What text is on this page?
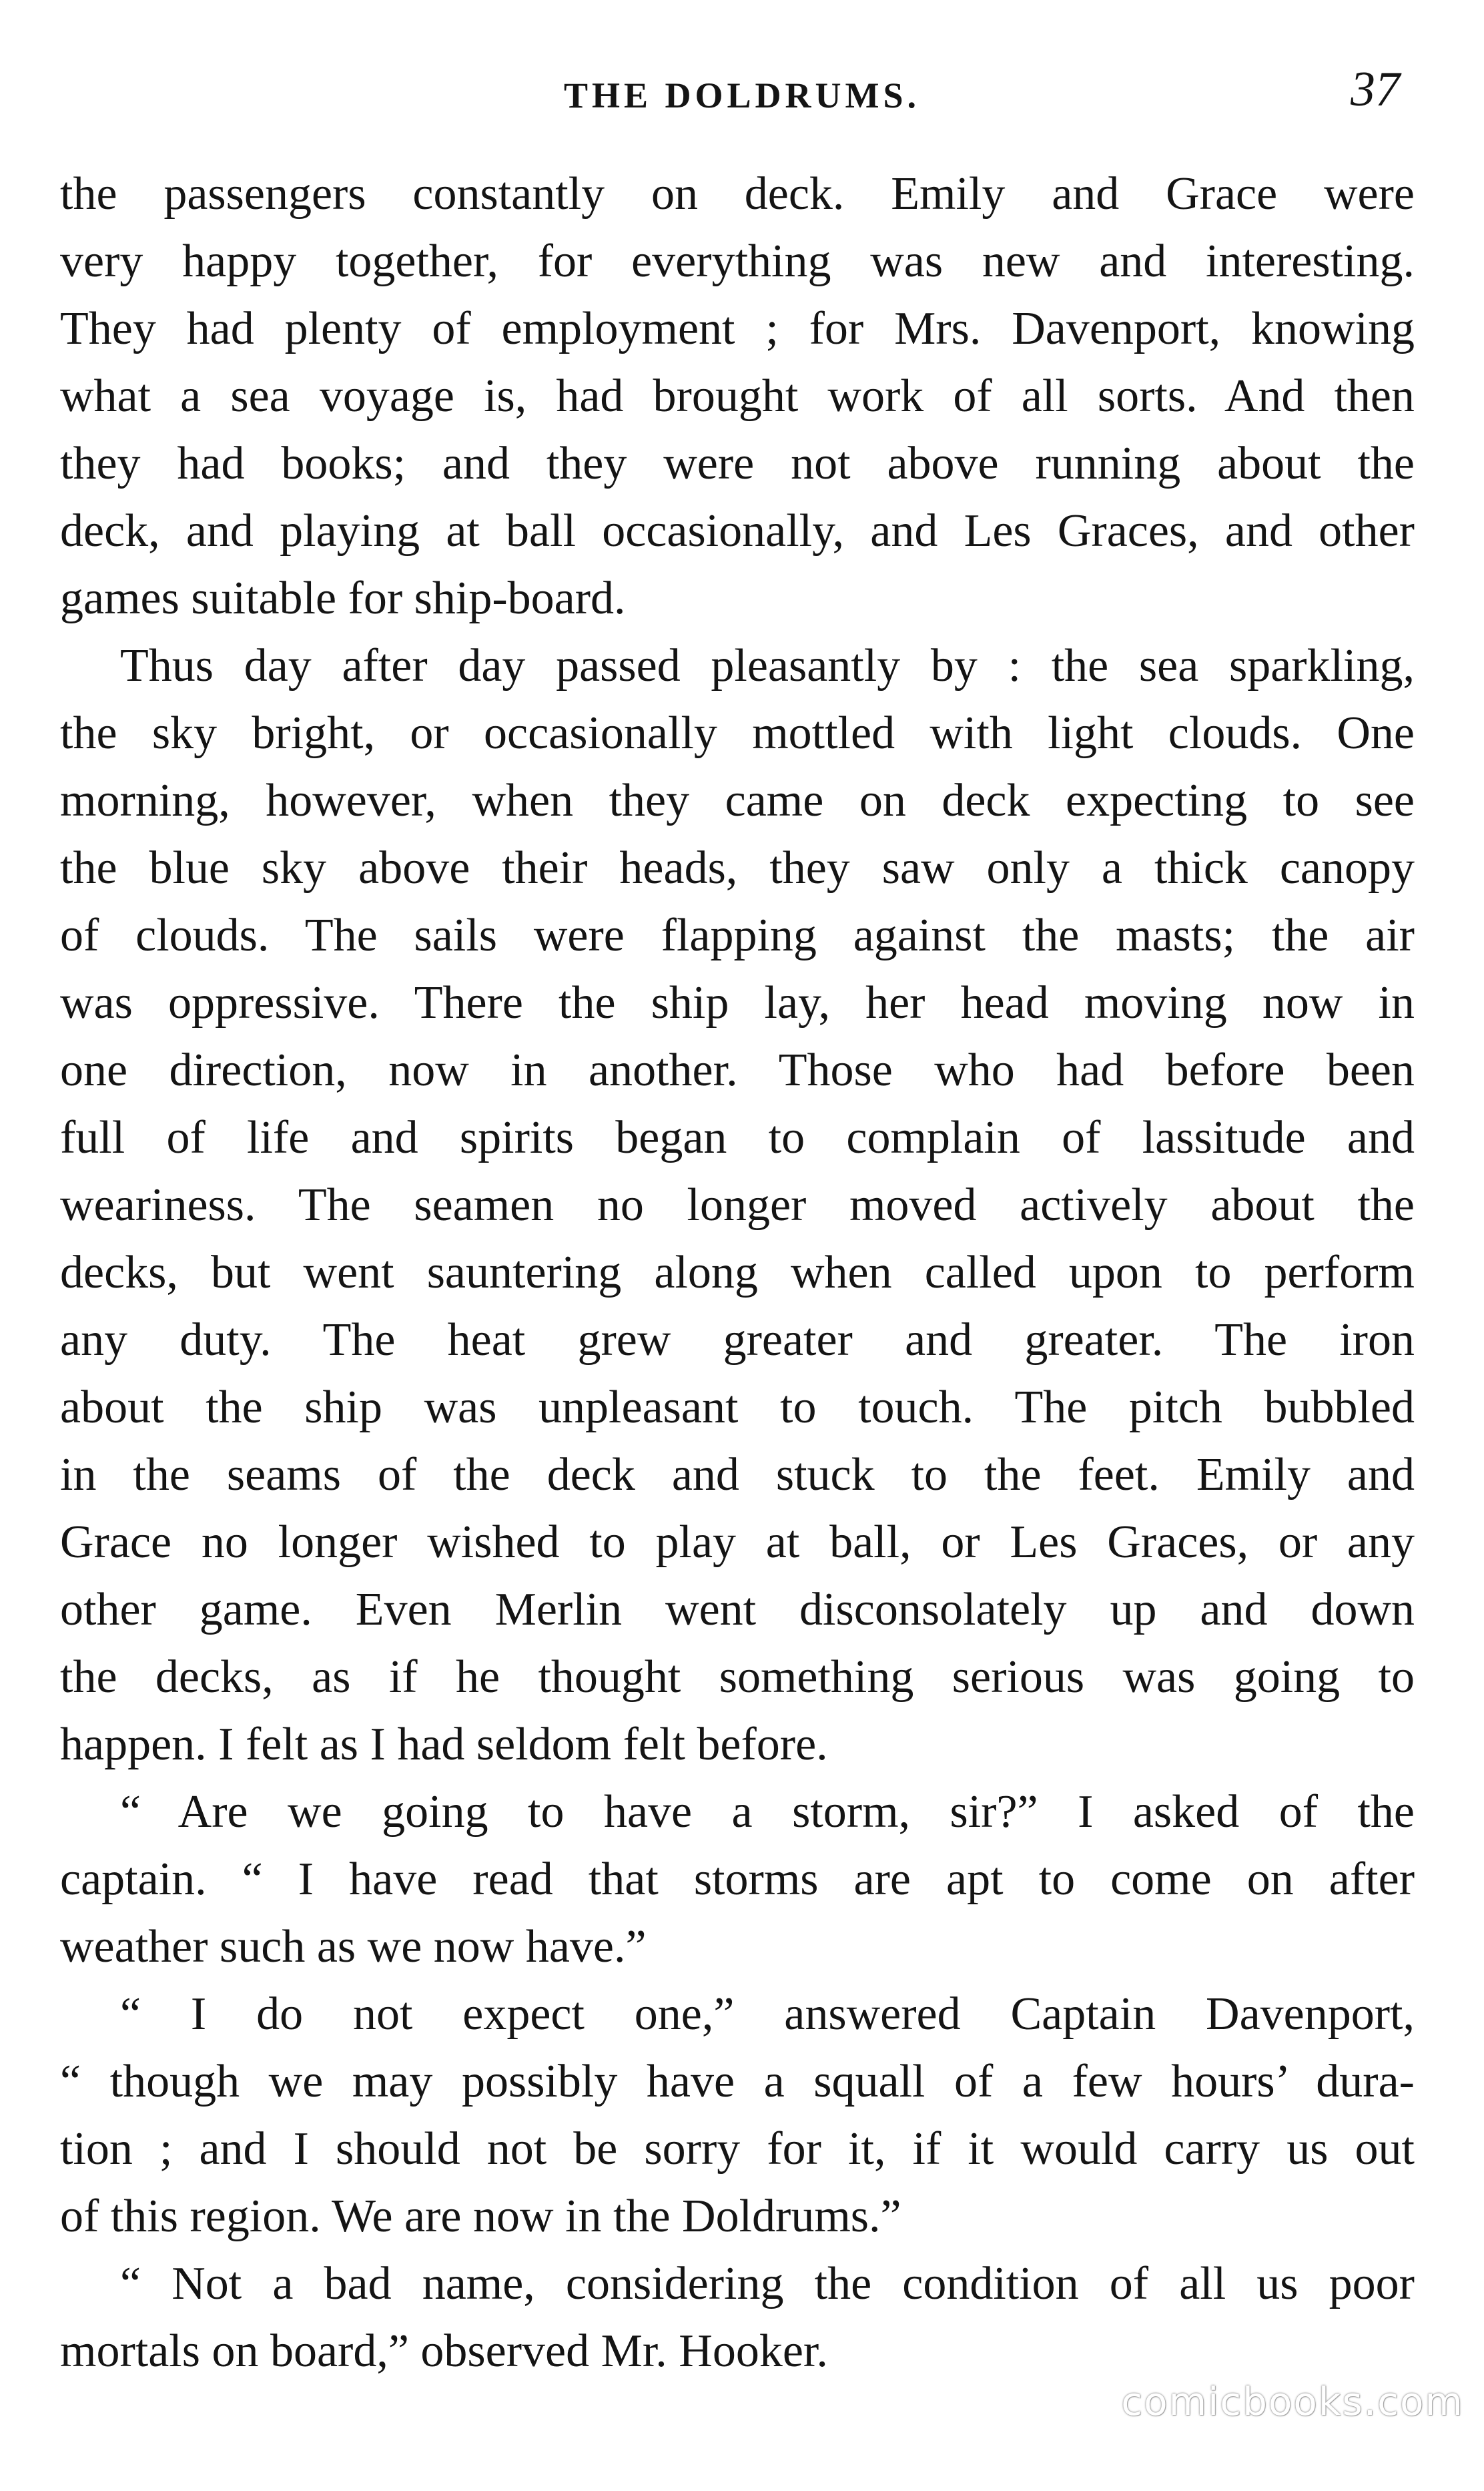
THE DOLDRUMS.	37
the passengers constantly on deck. Emily and Grace were
very happy together, for everything was new and interesting.
They had plenty of employment ; for Mrs. Davenport, knowing
what a sea voyage is, had brought work of all sorts. And then
they had books; and they were not above running about the
deck, and playing at ball occasionally, and Les Graces, and other
games suitable for ship-board.
Thus day after day passed pleasantly by : the sea sparkling,
the sky bright, or occasionally mottled with light clouds. One
morning, however, when they came on deck expecting to see
the blue sky above their heads, they saw only a thick canopy
of clouds. The sails were flapping against the masts; the air
was oppressive. There the ship lay, her head moving now in
one direction, now in another. Those who had before been
full of life and spirits began to complain of lassitude and
weariness. The seamen no longer moved actively about the
decks, but went sauntering along when called upon to perform
any duty. The heat grew greater and greater. The iron
about the ship was unpleasant to touch. The pitch bubbled
in the seams of the deck and stuck to the feet. Emily and
Grace no longer wished to play at ball, or Les Graces, or any
other game. Even Merlin went disconsolately up and down
the decks, as if he thought something serious was going to
happen. I felt as I had seldom felt before.
“ Are we going to have a storm, sir?” I asked of the
captain. “ I have read that storms are apt to come on after
weather such as we now have.”
“ I do not expect one,” answered Captain Davenport,
“ though we may possibly have a squall of a few hours’ dura-
tion ; and I should not be sorry for it, if it would carry us out
of this region. We are now in the Doldrums.”
“ Not a bad name, considering the condition of all us poor
mortals on board,” observed Mr. Hooker.
comicbooks.com
